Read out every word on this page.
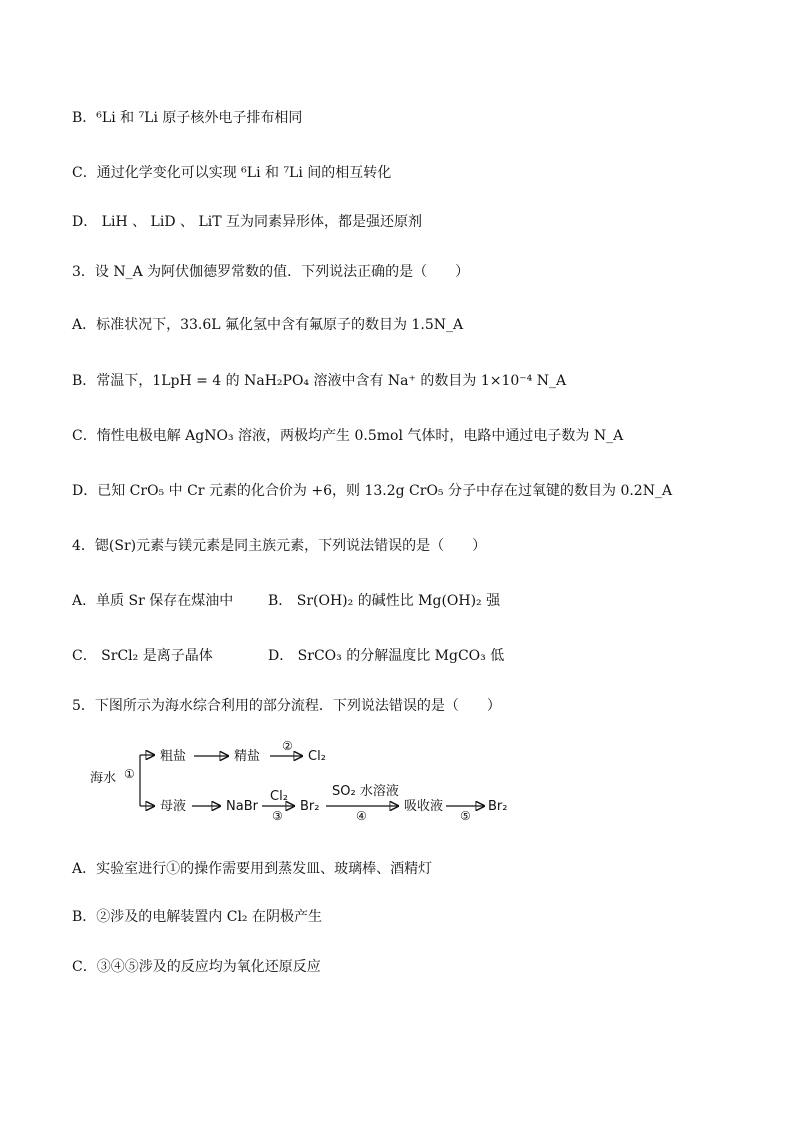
B．⁶Li 和 ⁷Li 原子核外电子排布相同
C．通过化学变化可以实现 ⁶Li 和 ⁷Li 间的相互转化
D． LiH 、 LiD 、 LiT 互为同素异形体，都是强还原剂
3．设 N_A 为阿伏伽德罗常数的值．下列说法正确的是（　　）
A．标准状况下，33.6L 氟化氢中含有氟原子的数目为 1.5N_A
B．常温下，1LpH = 4 的 NaH₂PO₄ 溶液中含有 Na⁺ 的数目为 1×10⁻⁴ N_A
C．惰性电极电解 AgNO₃ 溶液，两极均产生 0.5mol 气体时，电路中通过电子数为 N_A
D．已知 CrO₅ 中 Cr 元素的化合价为 +6，则 13.2g CrO₅ 分子中存在过氧键的数目为 0.2N_A
4．锶(Sr)元素与镁元素是同主族元素，下列说法错误的是（　　）
A．单质 Sr 保存在煤油中 B． Sr(OH)₂ 的碱性比 Mg(OH)₂ 强
C． SrCl₂ 是离子晶体	D． SrCO₃ 的分解温度比 MgCO₃ 低
5．下图所示为海水综合利用的部分流程．下列说法错误的是（　　）
海水 ①
粗盐	精盐
②
Cl₂
母液	NaBr
Cl₂
③
Br₂
SO₂ 水溶液
④
吸收液
⑤
Br₂
A．实验室进行①的操作需要用到蒸发皿、玻璃棒、酒精灯
B．②涉及的电解装置内 Cl₂ 在阴极产生
C．③④⑤涉及的反应均为氧化还原反应
